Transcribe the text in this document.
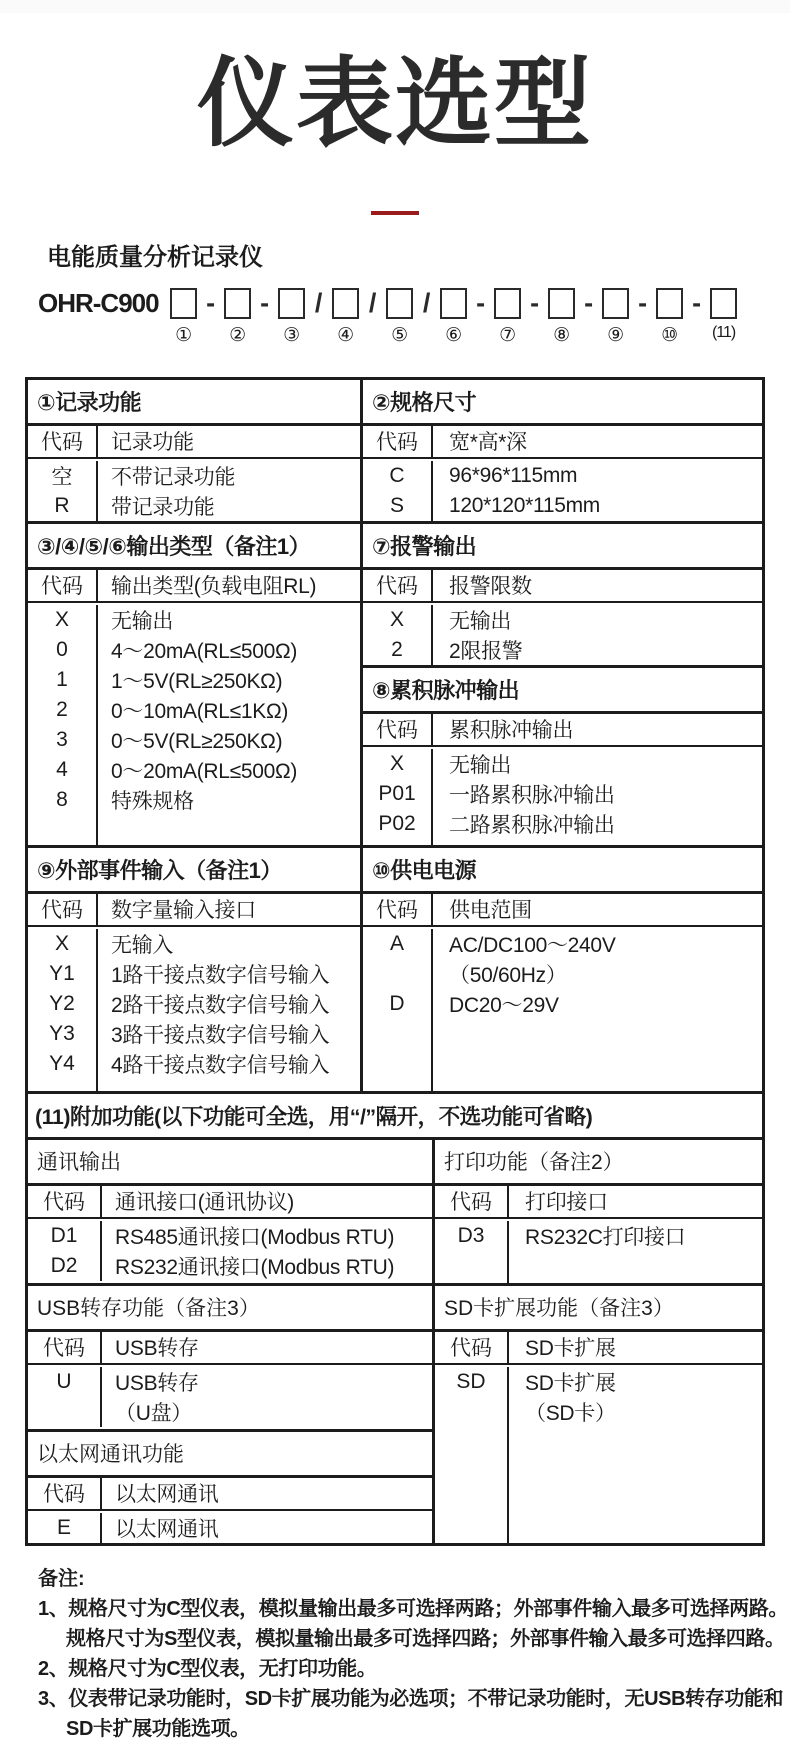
仪表选型
电能质量分析记录仪
OHR-C900
①
-
②
-
③
/
④
/
⑤
/
⑥
-
⑦
-
⑧
-
⑨
-
⑩
-
(11)
①记录功能
代码	记录功能
空	不带记录功能
R	带记录功能
③/④/⑤/⑥输出类型（备注1）
代码	输出类型(负载电阻RL)
X	无输出
0	4～20mA(RL≤500Ω)
1	1～5V(RL≥250KΩ)
2	0～10mA(RL≤1KΩ)
3	0～5V(RL≥250KΩ)
4	0～20mA(RL≤500Ω)
8	特殊规格
②规格尺寸
代码	宽*高*深
C	96*96*115mm
S	120*120*115mm
⑦报警输出
代码	报警限数
X	无输出
2	2限报警
⑧累积脉冲输出
代码	累积脉冲输出
X	无输出
P01	一路累积脉冲输出
P02	二路累积脉冲输出
⑨外部事件输入（备注1）
代码	数字量输入接口
X	无输入
Y1	1路干接点数字信号输入
Y2	2路干接点数字信号输入
Y3	3路干接点数字信号输入
Y4	4路干接点数字信号输入
⑩供电电源
代码	供电范围
A	AC/DC100～240V
（50/60Hz）
D	DC20～29V
(11)附加功能(以下功能可全选，用“/”隔开，不选功能可省略)
通讯输出
代码	通讯接口(通讯协议)
D1	RS485通讯接口(Modbus RTU)
D2	RS232通讯接口(Modbus RTU)
USB转存功能（备注3）
代码	USB转存
U	USB转存
（U盘）
以太网通讯功能
代码	以太网通讯
E	以太网通讯
打印功能（备注2）
代码	打印接口
D3	RS232C打印接口
SD卡扩展功能（备注3）
代码	SD卡扩展
SD	SD卡扩展
（SD卡）
备注:
1、规格尺寸为C型仪表，模拟量输出最多可选择两路；外部事件输入最多可选择两路。
规格尺寸为S型仪表，模拟量输出最多可选择四路；外部事件输入最多可选择四路。
2、规格尺寸为C型仪表，无打印功能。
3、仪表带记录功能时，SD卡扩展功能为必选项；不带记录功能时，无USB转存功能和
SD卡扩展功能选项。
